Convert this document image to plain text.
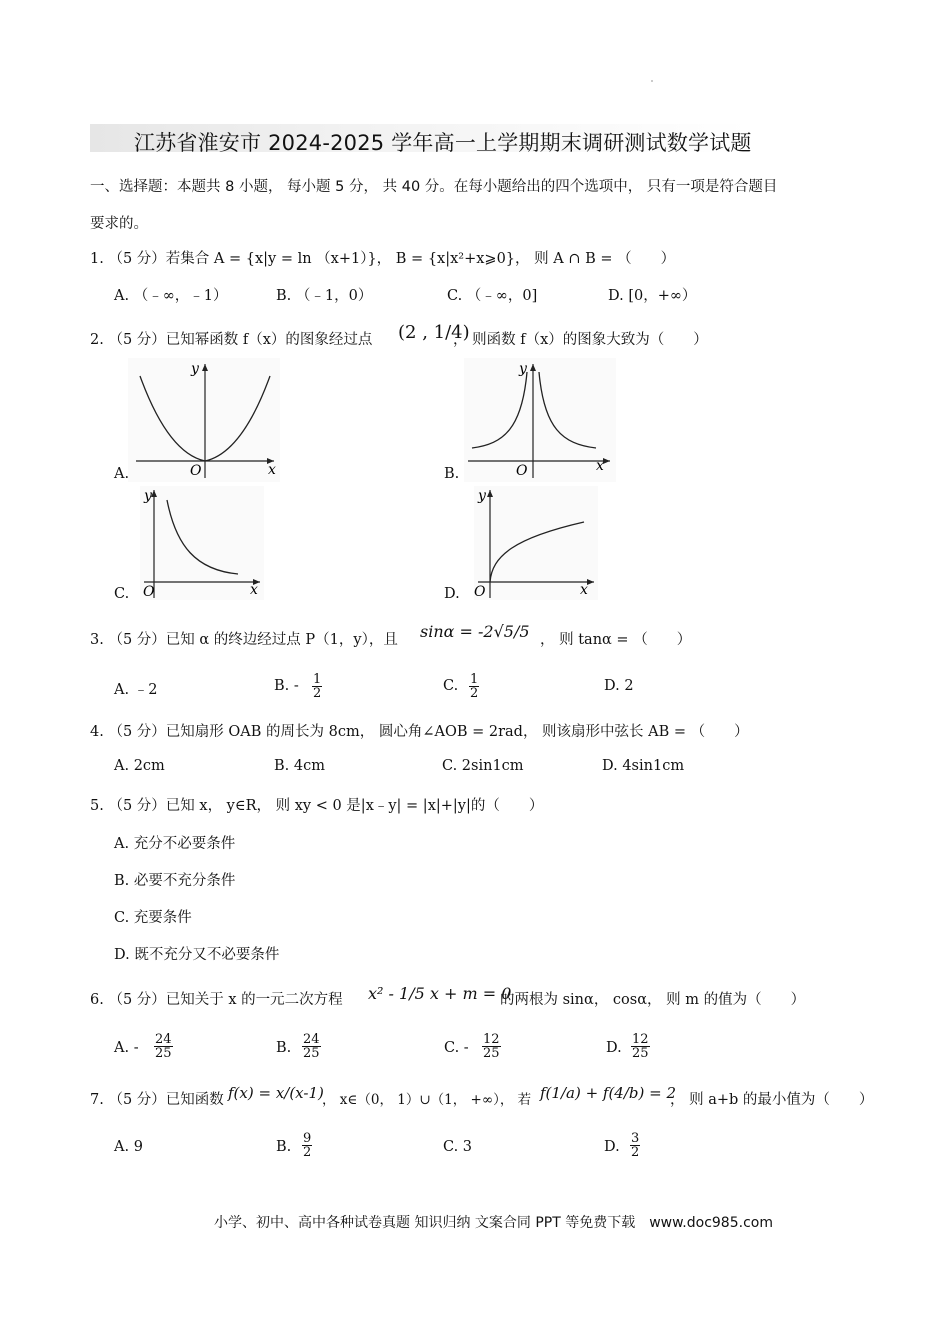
江苏省淮安市 2024-2025 学年高一上学期期末调研测试数学试题
一、选择题：本题共 8 小题， 每小题 5 分， 共 40 分。在每小题给出的四个选项中， 只有一项是符合题目
要求的。
1. （5 分）若集合 A = {x|y = ln （x+1）}， B = {x|x²+x⩾0}， 则 A ∩ B = （　　）
A. （﹣∞，﹣1）	B. （﹣1，0）	C. （﹣∞，0]	D. [0，+∞）
2. （5 分）已知幂函数 f（x）的图象经过点 (2 , 1/4)
， 则函数 f（x）的图象大致为（　　）
O
y
x
A.	O
y
x
B.
O
y
x
C.	O
y
x
D.
3. （5 分）已知 α 的终边经过点 P（1，y），且 sinα = -2√5/5 ， 则 tanα = （　　）
A. ﹣2	B. - $\frac{1}{2}$	C. $\frac{1}{2}$	D. 2
4. （5 分）已知扇形 OAB 的周长为 8cm， 圆心角∠AOB = 2rad， 则该扇形中弦长 AB = （　　）
A. 2cm	B. 4cm	C. 2sin1cm	D. 4sin1cm
5. （5 分）已知 x， y∈R， 则 xy < 0 是|x﹣y| = |x|+|y|的（　　）
A. 充分不必要条件
B. 必要不充分条件
C. 充要条件
D. 既不充分又不必要条件
6. （5 分）已知关于 x 的一元二次方程 x² - 1/5 x + m = 0
的两根为 sinα， cosα， 则 m 的值为（　　）
A. - $\frac{24}{25}$	B. $\frac{24}{25}$	C. - $\frac{12}{25}$	D. $\frac{12}{25}$
7. （5 分）已知函数 f(x) = x/(x-1)
， x∈（0， 1）∪（1， +∞）， 若 f(1/a) + f(4/b) = 2
， 则 a+b 的最小值为（　　）
A. 9	B. $\frac{9}{2}$	C. 3	D. $\frac{3}{2}$
小学、初中、高中各种试卷真题 知识归纳 文案合同 PPT 等免费下载　www.doc985.com
